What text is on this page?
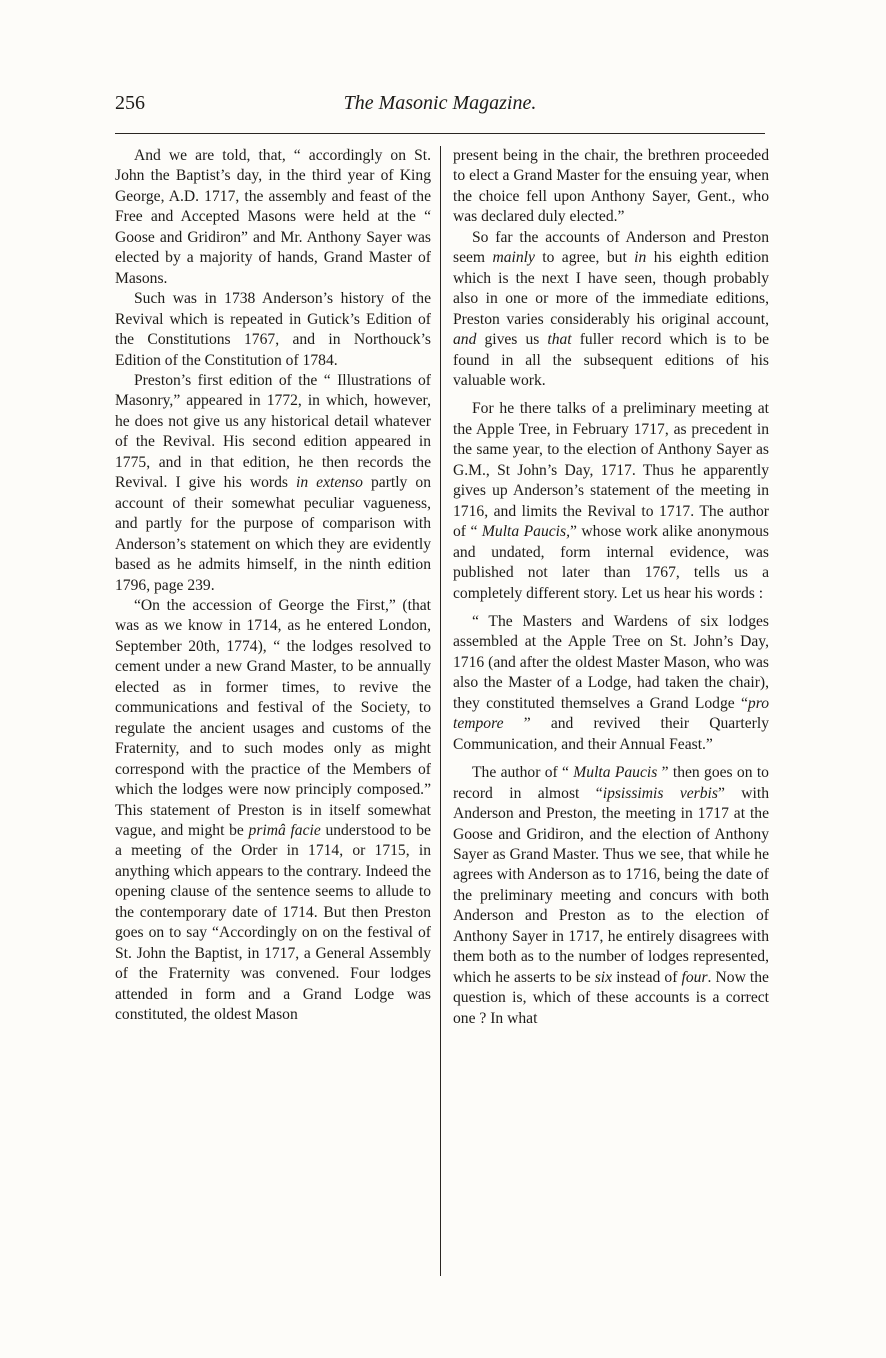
256	The Masonic Magazine.

And we are told, that, “ accordingly on St. John the Baptist’s day, in the third year of King George, A.D. 1717, the assembly and feast of the Free and Accepted Masons were held at the “ Goose and Gridiron” and Mr. Anthony Sayer was elected by a majority of hands, Grand Master of Masons.

Such was in 1738 Anderson’s history of the Revival which is repeated in Gutick’s Edition of the Constitutions 1767, and in Northouck’s Edition of the Constitution of 1784.

Preston’s first edition of the “ Illustrations of Masonry,” appeared in 1772, in which, however, he does not give us any historical detail whatever of the Revival. His second edition appeared in 1775, and in that edition, he then records the Revival. I give his words in extenso partly on account of their somewhat peculiar vagueness, and partly for the purpose of comparison with Anderson’s statement on which they are evidently based as he admits himself, in the ninth edition 1796, page 239.

“On the accession of George the First,” (that was as we know in 1714, as he entered London, September 20th, 1774), “ the lodges resolved to cement under a new Grand Master, to be annually elected as in former times, to revive the communications and festival of the Society, to regulate the ancient usages and customs of the Fraternity, and to such modes only as might correspond with the practice of the Members of which the lodges were now principly composed.” This statement of Preston is in itself somewhat vague, and might be primâ facie understood to be a meeting of the Order in 1714, or 1715, in anything which appears to the contrary. Indeed the opening clause of the sentence seems to allude to the contemporary date of 1714. But then Preston goes on to say “Accordingly on on the festival of St. John the Baptist, in 1717, a General Assembly of the Fraternity was convened. Four lodges attended in form and a Grand Lodge was constituted, the oldest Mason

present being in the chair, the brethren proceeded to elect a Grand Master for the ensuing year, when the choice fell upon Anthony Sayer, Gent., who was declared duly elected.”

So far the accounts of Anderson and Preston seem mainly to agree, but in his eighth edition which is the next I have seen, though probably also in one or more of the immediate editions, Preston varies considerably his original account, and gives us that fuller record which is to be found in all the subsequent editions of his valuable work.

For he there talks of a preliminary meeting at the Apple Tree, in February 1717, as precedent in the same year, to the election of Anthony Sayer as G.M., St John’s Day, 1717. Thus he apparently gives up Anderson’s statement of the meeting in 1716, and limits the Revival to 1717. The author of “ Multa Paucis,” whose work alike anonymous and undated, form internal evidence, was published not later than 1767, tells us a completely different story. Let us hear his words :

“ The Masters and Wardens of six lodges assembled at the Apple Tree on St. John’s Day, 1716 (and after the oldest Master Mason, who was also the Master of a Lodge, had taken the chair), they constituted themselves a Grand Lodge “pro tempore ” and revived their Quarterly Communication, and their Annual Feast.”

The author of “ Multa Paucis ” then goes on to record in almost “ipsissimis verbis” with Anderson and Preston, the meeting in 1717 at the Goose and Gridiron, and the election of Anthony Sayer as Grand Master. Thus we see, that while he agrees with Anderson as to 1716, being the date of the preliminary meeting and concurs with both Anderson and Preston as to the election of Anthony Sayer in 1717, he entirely disagrees with them both as to the number of lodges represented, which he asserts to be six instead of four. Now the question is, which of these accounts is a correct one ? In what
